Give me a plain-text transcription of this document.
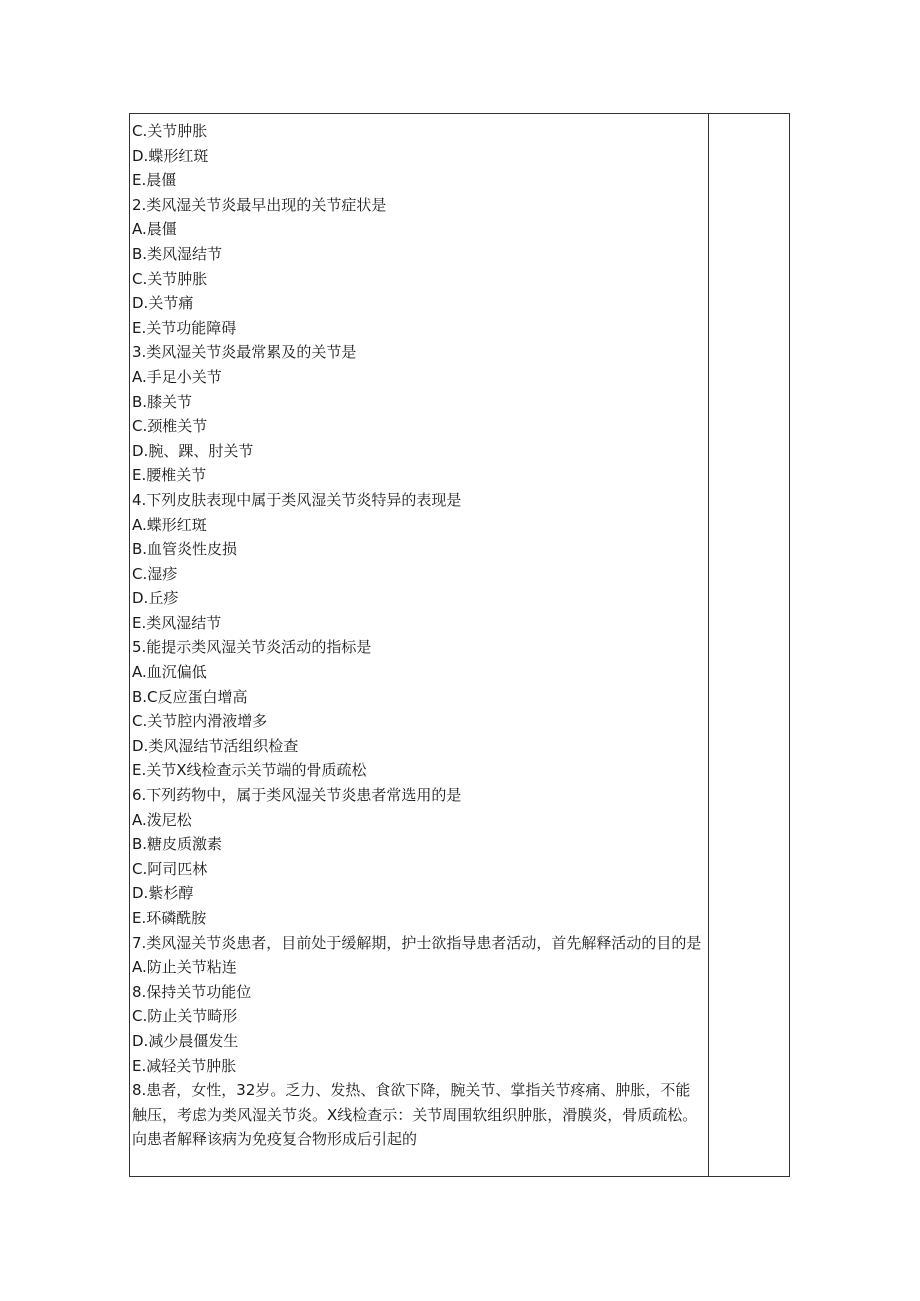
C.关节肿胀
D.蝶形红斑
E.晨僵
2.类风湿关节炎最早出现的关节症状是
A.晨僵
B.类风湿结节
C.关节肿胀
D.关节痛
E.关节功能障碍
3.类风湿关节炎最常累及的关节是
A.手足小关节
B.膝关节
C.颈椎关节
D.腕、踝、肘关节
E.腰椎关节
4.下列皮肤表现中属于类风湿关节炎特异的表现是
A.蝶形红斑
B.血管炎性皮损
C.湿疹
D.丘疹
E.类风湿结节
5.能提示类风湿关节炎活动的指标是
A.血沉偏低
B.C反应蛋白增高
C.关节腔内滑液增多
D.类风湿结节活组织检查
E.关节X线检查示关节端的骨质疏松
6.下列药物中，属于类风湿关节炎患者常选用的是
A.泼尼松
B.糖皮质激素
C.阿司匹林
D.紫杉醇
E.环磷酰胺
7.类风湿关节炎患者，目前处于缓解期，护士欲指导患者活动，首先解释活动的目的是
A.防止关节粘连
8.保持关节功能位
C.防止关节畸形
D.减少晨僵发生
E.减轻关节肿胀
8.患者，女性，32岁。乏力、发热、食欲下降，腕关节、掌指关节疼痛、肿胀，不能触压，考虑为类风湿关节炎。X线检查示：关节周围软组织肿胀，滑膜炎，骨质疏松。向患者解释该病为免疫复合物形成后引起的
